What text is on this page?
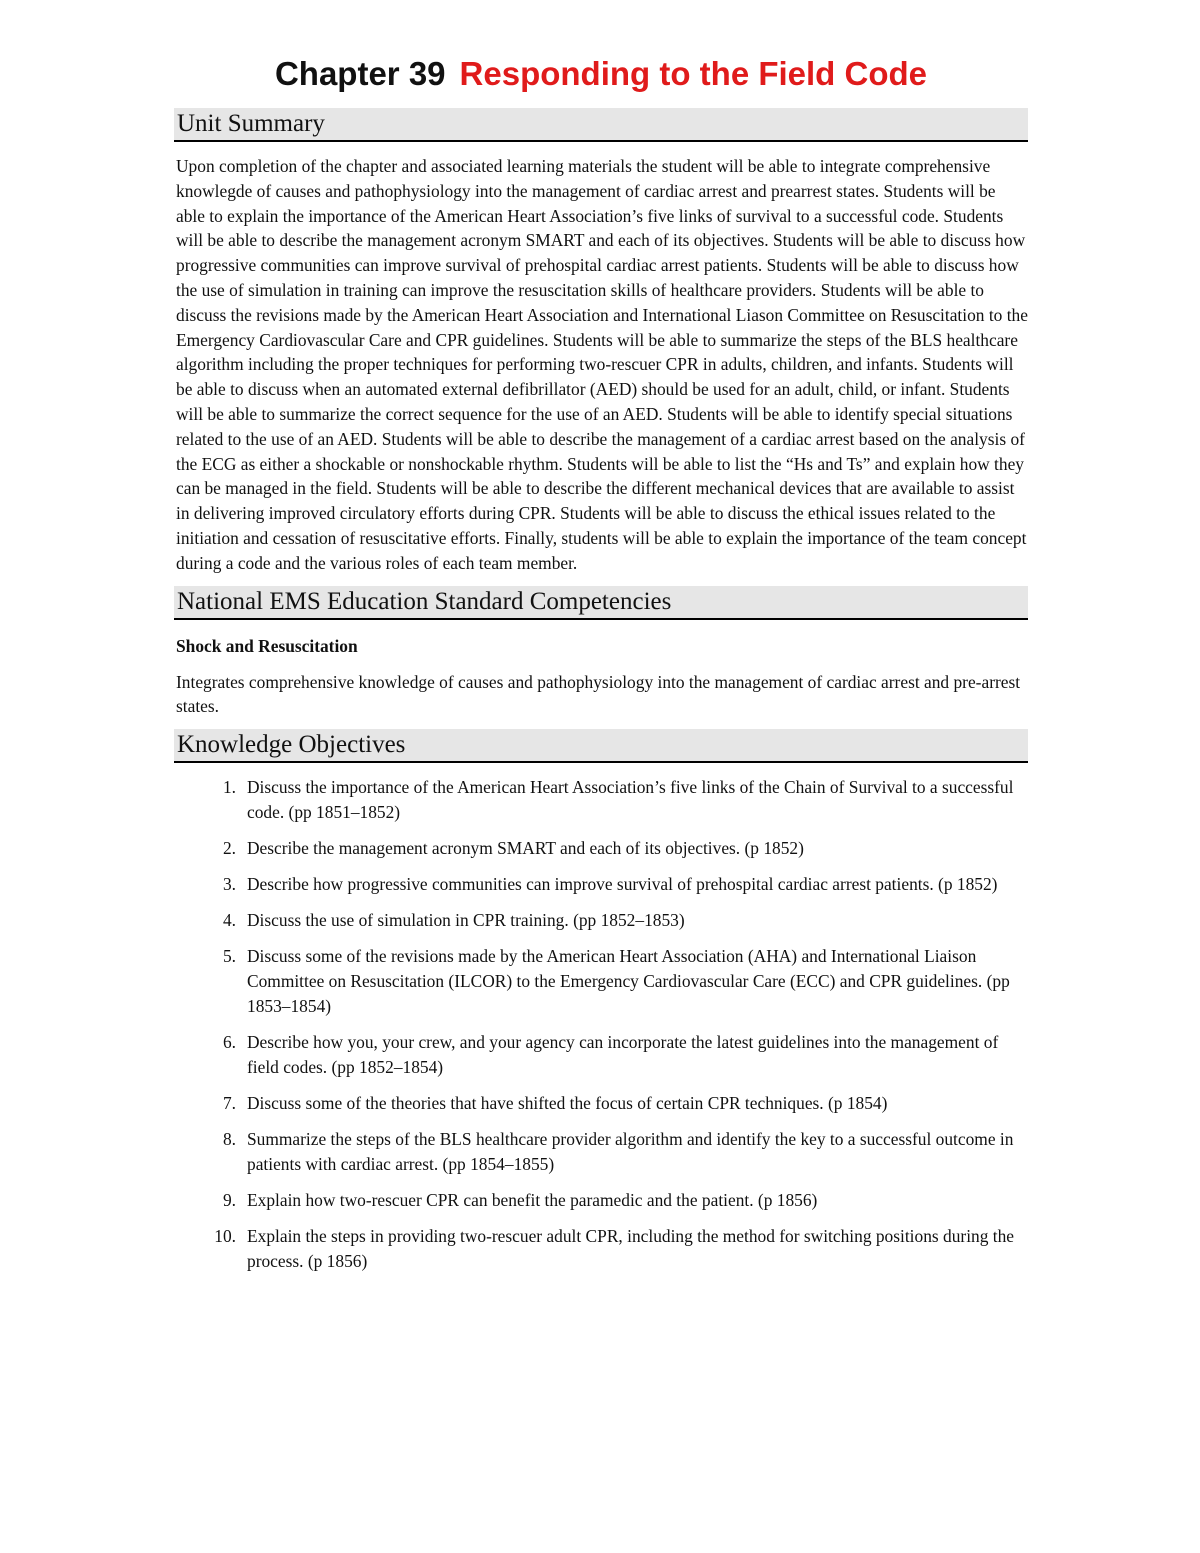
Chapter 39 Responding to the Field Code
Unit Summary

Upon completion of the chapter and associated learning materials the student will be able to integrate comprehensive knowlegde of causes and pathophysiology into the management of cardiac arrest and prearrest states. Students will be able to explain the importance of the American Heart Association’s five links of survival to a successful code. Students will be able to describe the management acronym SMART and each of its objectives. Students will be able to discuss how progressive communities can improve survival of prehospital cardiac arrest patients. Students will be able to discuss how the use of simulation in training can improve the resuscitation skills of healthcare providers. Students will be able to discuss the revisions made by the American Heart Association and International Liason Committee on Resuscitation to the Emergency Cardiovascular Care and CPR guidelines. Students will be able to summarize the steps of the BLS healthcare algorithm including the proper techniques for performing two-rescuer CPR in adults, children, and infants. Students will be able to discuss when an automated external defibrillator (AED) should be used for an adult, child, or infant. Students will be able to summarize the correct sequence for the use of an AED. Students will be able to identify special situations related to the use of an AED. Students will be able to describe the management of a cardiac arrest based on the analysis of the ECG as either a shockable or nonshockable rhythm. Students will be able to list the “Hs and Ts” and explain how they can be managed in the field. Students will be able to describe the different mechanical devices that are available to assist in delivering improved circulatory efforts during CPR. Students will be able to discuss the ethical issues related to the initiation and cessation of resuscitative efforts. Finally, students will be able to explain the importance of the team concept during a code and the various roles of each team member.

National EMS Education Standard Competencies
Shock and Resuscitation

Integrates comprehensive knowledge of causes and pathophysiology into the management of cardiac arrest and pre-arrest states.

Knowledge Objectives
1. Discuss the importance of the American Heart Association’s five links of the Chain of Survival to a successful code. (pp 1851–1852)
2. Describe the management acronym SMART and each of its objectives. (p 1852)
3. Describe how progressive communities can improve survival of prehospital cardiac arrest patients. (p 1852)
4. Discuss the use of simulation in CPR training. (pp 1852–1853)
5. Discuss some of the revisions made by the American Heart Association (AHA) and International Liaison Committee on Resuscitation (ILCOR) to the Emergency Cardiovascular Care (ECC) and CPR guidelines. (pp 1853–1854)
6. Describe how you, your crew, and your agency can incorporate the latest guidelines into the management of field codes. (pp 1852–1854)
7. Discuss some of the theories that have shifted the focus of certain CPR techniques. (p 1854)
8. Summarize the steps of the BLS healthcare provider algorithm and identify the key to a successful outcome in patients with cardiac arrest. (pp 1854–1855)
9. Explain how two-rescuer CPR can benefit the paramedic and the patient. (p 1856)
10. Explain the steps in providing two-rescuer adult CPR, including the method for switching positions during the process. (p 1856)
